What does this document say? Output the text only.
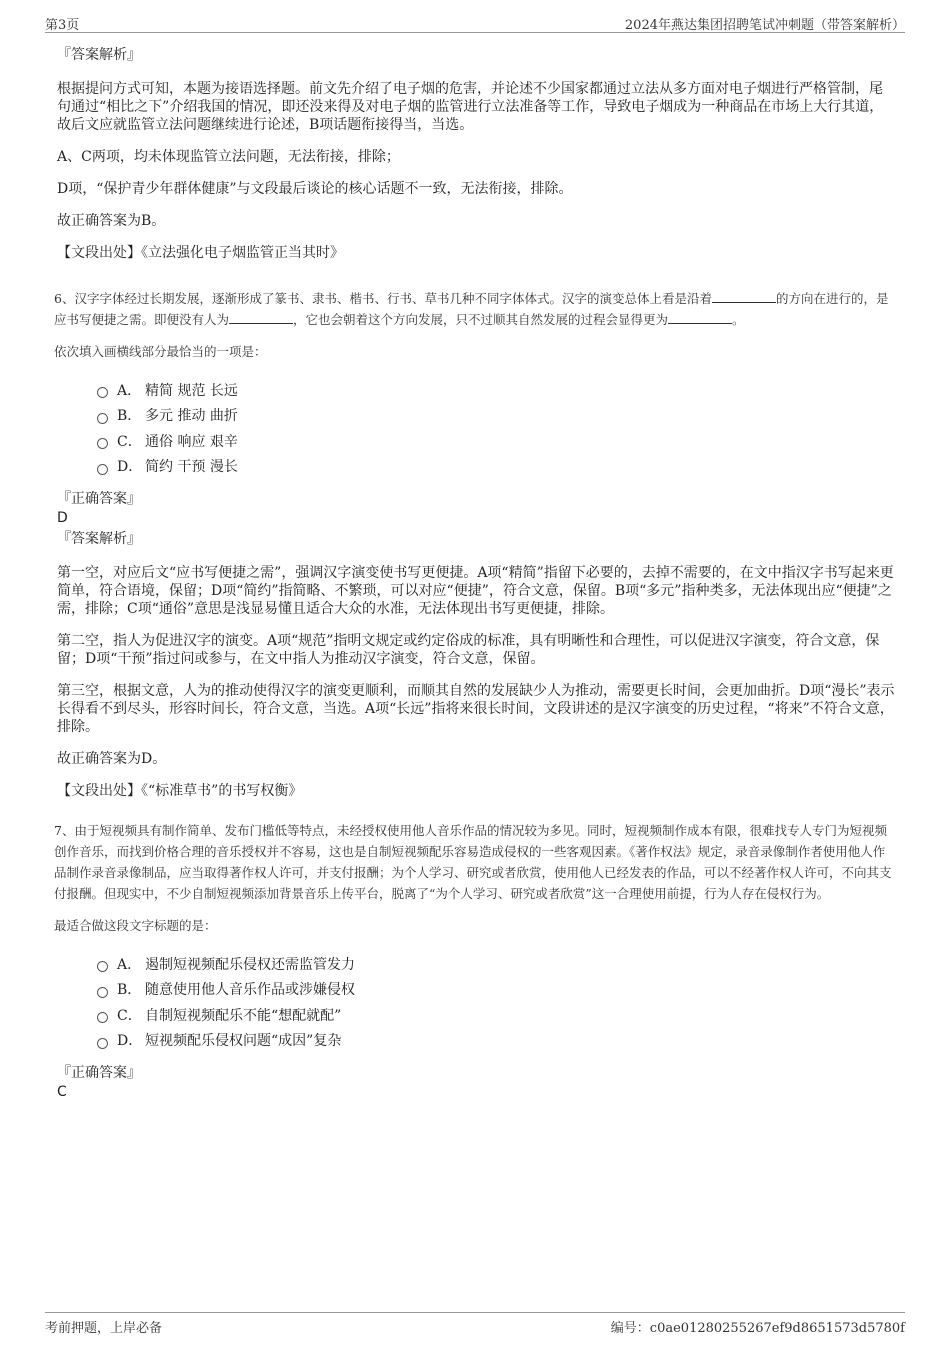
第3页	2024年燕达集团招聘笔试冲刺题（带答案解析）
『答案解析』

根据提问方式可知，本题为接语选择题。前文先介绍了电子烟的危害，并论述不少国家都通过立法从多方面对电子烟进行严格管制，尾句通过“相比之下”介绍我国的情况，即还没来得及对电子烟的监管进行立法准备等工作，导致电子烟成为一种商品在市场上大行其道，故后文应就监管立法问题继续进行论述，B项话题衔接得当，当选。

A、C两项，均未体现监管立法问题，无法衔接，排除；

D项，“保护青少年群体健康”与文段最后谈论的核心话题不一致，无法衔接，排除。

故正确答案为B。

【文段出处】《立法强化电子烟监管正当其时》

6、汉字字体经过长期发展，逐渐形成了篆书、隶书、楷书、行书、草书几种不同字体体式。汉字的演变总体上看是沿着	的方向在进行的，是应书写便捷之需。即便没有人为	，它也会朝着这个方向发展，只不过顺其自然发展的过程会显得更为	。
依次填入画横线部分最恰当的一项是：
A． 精简 规范 长远
B． 多元 推动 曲折
C． 通俗 响应 艰辛
D． 简约 干预 漫长
『正确答案』
D
『答案解析』

第一空，对应后文“应书写便捷之需”，强调汉字演变使书写更便捷。A项“精简”指留下必要的，去掉不需要的，在文中指汉字书写起来更简单，符合语境，保留；D项“简约”指简略、不繁琐，可以对应“便捷”，符合文意，保留。B项“多元”指种类多，无法体现出应“便捷”之需，排除；C项“通俗”意思是浅显易懂且适合大众的水准，无法体现出书写更便捷，排除。

第二空，指人为促进汉字的演变。A项“规范”指明文规定或约定俗成的标准，具有明晰性和合理性，可以促进汉字演变，符合文意，保留；D项“干预”指过问或参与，在文中指人为推动汉字演变，符合文意，保留。

第三空，根据文意，人为的推动使得汉字的演变更顺利，而顺其自然的发展缺少人为推动，需要更长时间，会更加曲折。D项“漫长”表示长得看不到尽头，形容时间长，符合文意，当选。A项“长远”指将来很长时间，文段讲述的是汉字演变的历史过程，“将来”不符合文意，排除。

故正确答案为D。

【文段出处】《“标准草书”的书写权衡》

7、由于短视频具有制作简单、发布门槛低等特点，未经授权使用他人音乐作品的情况较为多见。同时，短视频制作成本有限，很难找专人专门为短视频创作音乐，而找到价格合理的音乐授权并不容易，这也是自制短视频配乐容易造成侵权的一些客观因素。《著作权法》规定，录音录像制作者使用他人作品制作录音录像制品，应当取得著作权人许可，并支付报酬；为个人学习、研究或者欣赏，使用他人已经发表的作品，可以不经著作权人许可，不向其支付报酬。但现实中，不少自制短视频添加背景音乐上传平台，脱离了“为个人学习、研究或者欣赏”这一合理使用前提，行为人存在侵权行为。
最适合做这段文字标题的是：
A． 遏制短视频配乐侵权还需监管发力
B． 随意使用他人音乐作品或涉嫌侵权
C． 自制短视频配乐不能“想配就配”
D． 短视频配乐侵权问题“成因”复杂
『正确答案』
C
考前押题，上岸必备	编号：c0ae01280255267ef9d8651573d5780f
